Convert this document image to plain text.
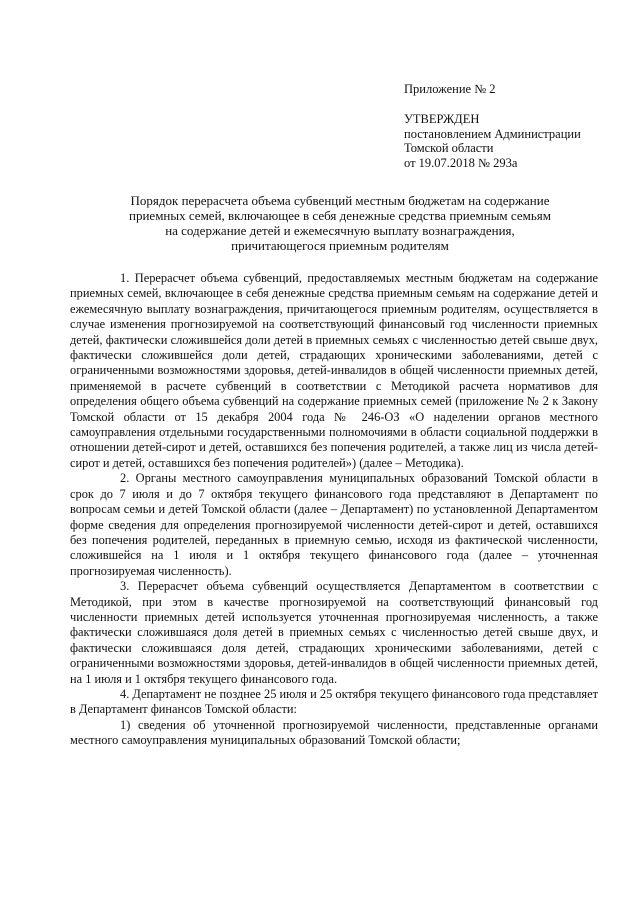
Приложение № 2
УТВЕРЖДЕН
постановлением Администрации
Томской области
от 19.07.2018 № 293а
Порядок перерасчета объема субвенций местным бюджетам на содержание
приемных семей, включающее в себя денежные средства приемным семьям
на содержание детей и ежемесячную выплату вознаграждения,
причитающегося приемным родителям

1. Перерасчет объема субвенций, предоставляемых местным бюджетам на содержание приемных семей, включающее в себя денежные средства приемным семьям на содержание детей и ежемесячную выплату вознаграждения, причитающегося приемным родителям, осуществляется в случае изменения прогнозируемой на соответствующий финансовый год численности приемных детей, фактически сложившейся доли детей в приемных семьях с численностью детей свыше двух, фактически сложившейся доли детей, страдающих хроническими заболеваниями, детей с ограниченными возможностями здоровья, детей-инвалидов в общей численности приемных детей, применяемой в расчете субвенций в соответствии с Методикой расчета нормативов для определения общего объема субвенций на содержание приемных семей (приложение № 2 к Закону Томской области от 15 декабря 2004 года № 246-ОЗ «О наделении органов местного самоуправления отдельными государственными полномочиями в области социальной поддержки в отношении детей-сирот и детей, оставшихся без попечения родителей, а также лиц из числа детей-сирот и детей, оставшихся без попечения родителей») (далее – Методика).

2. Органы местного самоуправления муниципальных образований Томской области в срок до 7 июля и до 7 октября текущего финансового года представляют в Департамент по вопросам семьи и детей Томской области (далее – Департамент) по установленной Департаментом форме сведения для определения прогнозируемой численности детей-сирот и детей, оставшихся без попечения родителей, переданных в приемную семью, исходя из фактической численности, сложившейся на 1 июля и 1 октября текущего финансового года (далее – уточненная прогнозируемая численность).

3. Перерасчет объема субвенций осуществляется Департаментом в соответствии с Методикой, при этом в качестве прогнозируемой на соответствующий финансовый год численности приемных детей используется уточненная прогнозируемая численность, а также фактически сложившаяся доля детей в приемных семьях с численностью детей свыше двух, и фактически сложившаяся доля детей, страдающих хроническими заболеваниями, детей с ограниченными возможностями здоровья, детей-инвалидов в общей численности приемных детей, на 1 июля и 1 октября текущего финансового года.

4. Департамент не позднее 25 июля и 25 октября текущего финансового года представляет в Департамент финансов Томской области:

1) сведения об уточненной прогнозируемой численности, представленные органами местного самоуправления муниципальных образований Томской области;
